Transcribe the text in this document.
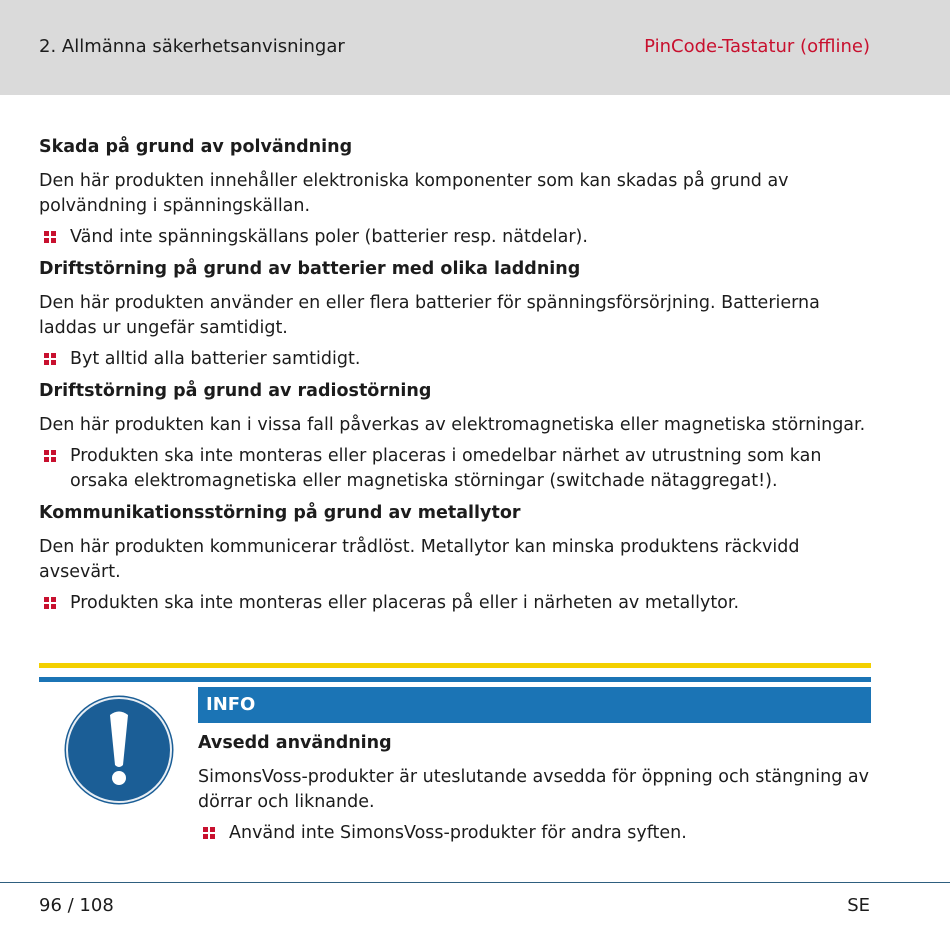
2. Allmänna säkerhetsanvisningar	PinCode-Tastatur (offline)
Skada på grund av polvändning
Den här produkten innehåller elektroniska komponenter som kan skadas på grund av polvändning i spänningskällan.
Vänd inte spänningskällans poler (batterier resp. nätdelar).
Driftstörning på grund av batterier med olika laddning
Den här produkten använder en eller flera batterier för spänningsförsörjning. Batterierna laddas ur ungefär samtidigt.
Byt alltid alla batterier samtidigt.
Driftstörning på grund av radiostörning
Den här produkten kan i vissa fall påverkas av elektromagnetiska eller magnetiska störningar.
Produkten ska inte monteras eller placeras i omedelbar närhet av utrustning som kan orsaka elektromagnetiska eller magnetiska störningar (switchade nätaggregat!).
Kommunikationsstörning på grund av metallytor
Den här produkten kommunicerar trådlöst. Metallytor kan minska produktens räckvidd avsevärt.
Produkten ska inte monteras eller placeras på eller i närheten av metallytor.
INFO
Avsedd användning
SimonsVoss-produkter är uteslutande avsedda för öppning och stängning av dörrar och liknande.
Använd inte SimonsVoss-produkter för andra syften.
96 / 108	SE
